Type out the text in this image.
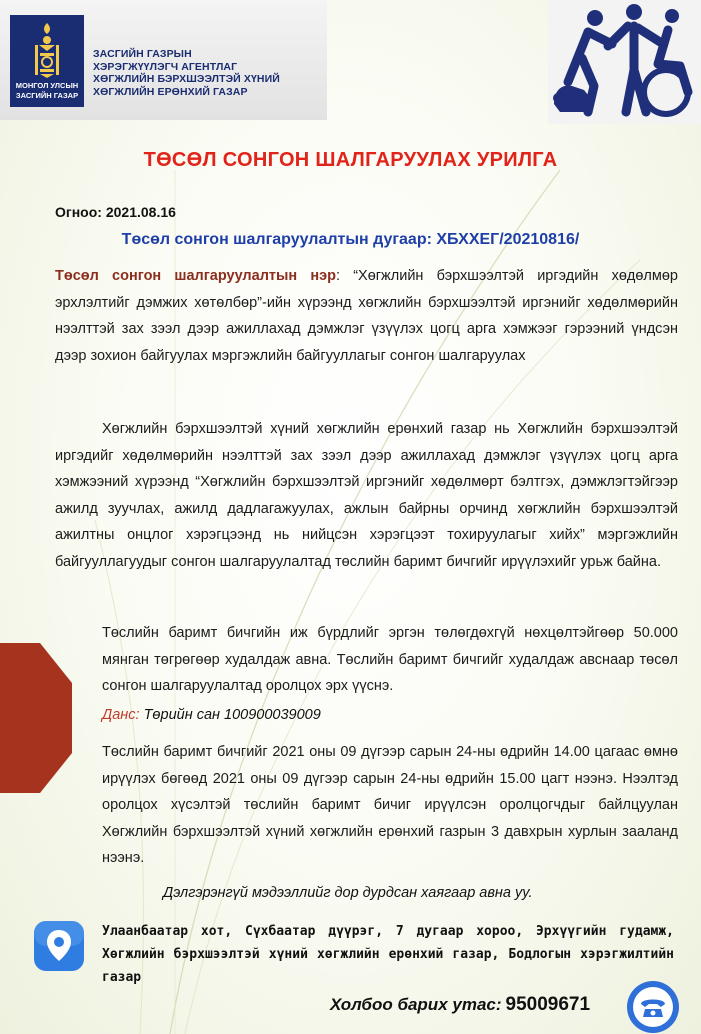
МОНГОЛ УЛСЫН
ЗАСГИЙН ГАЗАР
ЗАСГИЙН ГАЗРЫН
ХЭРЭГЖҮҮЛЭГЧ АГЕНТЛАГ
ХӨГЖЛИЙН БЭРХШЭЭЛТЭЙ ХҮНИЙ
ХӨГЖЛИЙН ЕРӨНХИЙ ГАЗАР
ТӨСӨЛ СОНГОН ШАЛГАРУУЛАХ УРИЛГА
Огноо: 2021.08.16
Төсөл сонгон шалгаруулалтын дугаар: ХБХХЕГ/20210816/
Төсөл сонгон шалгаруулалтын нэр: “Хөгжлийн бэрхшээлтэй иргэдийн хөдөлмөр эрхлэлтийг дэмжих хөтөлбөр”-ийн хүрээнд хөгжлийн бэрхшээлтэй иргэнийг хөдөлмөрийн нээлттэй зах зээл дээр ажиллахад дэмжлэг үзүүлэх цогц арга хэмжээг гэрээний үндсэн дээр зохион байгуулах мэргэжлийн байгууллагыг сонгон шалгаруулах
Хөгжлийн бэрхшээлтэй хүний хөгжлийн ерөнхий газар нь Хөгжлийн бэрхшээлтэй иргэдийг хөдөлмөрийн нээлттэй зах зээл дээр ажиллахад дэмжлэг үзүүлэх цогц арга хэмжээний хүрээнд “Хөгжлийн бэрхшээлтэй иргэнийг хөдөлмөрт бэлтгэх, дэмжлэгтэйгээр ажилд зуучлах, ажилд дадлагажуулах, ажлын байрны орчинд хөгжлийн бэрхшээлтэй ажилтны онцлог хэрэгцээнд нь нийцсэн хэрэгцээт тохируулагыг хийх” мэргэжлийн байгууллагуудыг сонгон шалгаруулалтад төслийн баримт бичгийг ирүүлэхийг урьж байна.
Төслийн баримт бичгийн иж бүрдлийг эргэн төлөгдөхгүй нөхцөлтэйгөөр 50.000 мянган төгрөгөөр худалдаж авна. Төслийн баримт бичгийг худалдаж авснаар төсөл сонгон шалгаруулалтад оролцох эрх үүснэ.
Данс: Төрийн сан 100900039009
Төслийн баримт бичгийг 2021 оны 09 дүгээр сарын 24-ны өдрийн 14.00 цагаас өмнө ирүүлэх бөгөөд 2021 оны 09 дүгээр сарын 24-ны өдрийн 15.00 цагт нээнэ. Нээлтэд оролцох хүсэлтэй төслийн баримт бичиг ирүүлсэн оролцогчдыг байлцуулан Хөгжлийн бэрхшээлтэй хүний хөгжлийн ерөнхий газрын 3 давхрын хурлын зааланд нээнэ.
Дэлгэрэнгүй мэдээллийг дор дурдсан хаягаар авна уу.
Улаанбаатар хот, Сүхбаатар дүүрэг, 7 дугаар хороо, Эрхүүгийн гудамж, Хөгжлийн бэрхшээлтэй хүний хөгжлийн ерөнхий газар, Бодлогын хэрэгжилтийн газар
Холбоо барих утас: 95009671
